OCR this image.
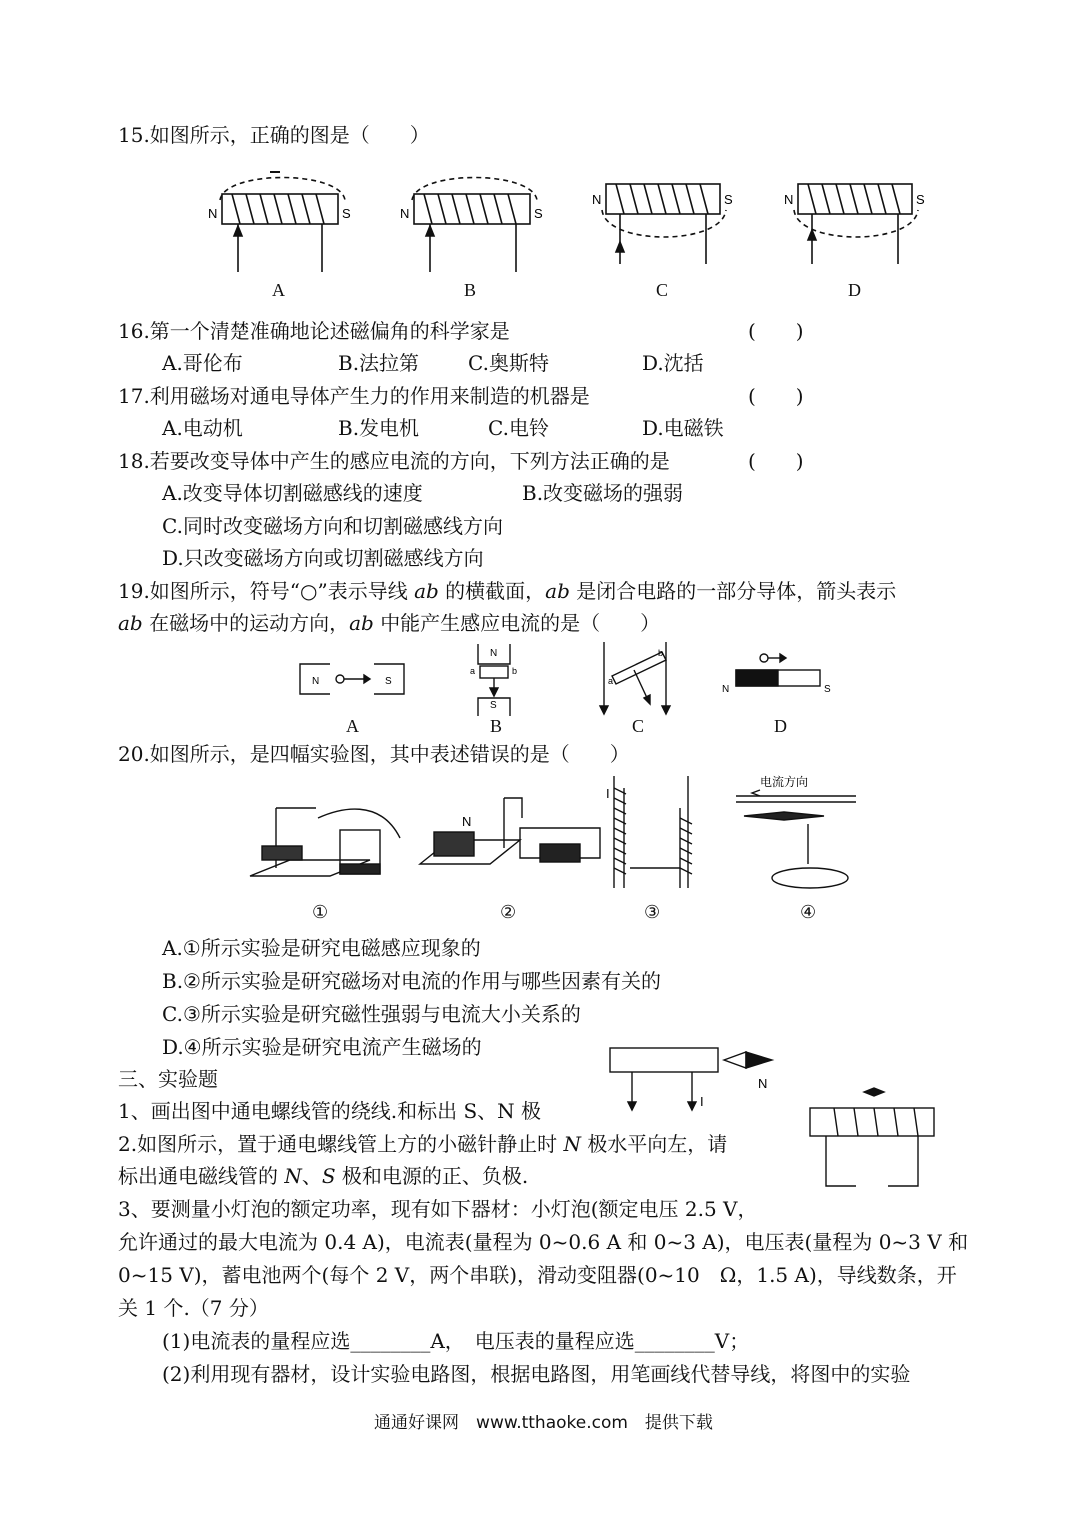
15.如图所示，正确的图是（　　）
N	S	N	S
N	S	N	S
A	B	C	D
16.第一个清楚准确地论述磁偏角的科学家是	(　　)
A.哥伦布	B.法拉第 C.奥斯特	D.沈括
17.利用磁场对通电导体产生力的作用来制造的机器是	(　　)
A.电动机	B.发电机	C.电铃	D.电磁铁
18.若要改变导体中产生的感应电流的方向，下列方法正确的是	(　　)
A.改变导体切割磁感线的速度	B.改变磁场的强弱
C.同时改变磁场方向和切割磁感线方向
D.只改变磁场方向或切割磁感线方向
19.如图所示，符号“○”表示导线 ab 的横截面，ab 是闭合电路的一部分导体，箭头表示
ab 在磁场中的运动方向，ab 中能产生感应电流的是（　　）
N	S
N
S
a	b
a
b
N	S
A	B	C	D
20.如图所示，是四幅实验图，其中表述错误的是（　　）
电流方向
I
N
①	②	③	④
A.①所示实验是研究电磁感应现象的
B.②所示实验是研究磁场对电流的作用与哪些因素有关的
C.③所示实验是研究磁性强弱与电流大小关系的
D.④所示实验是研究电流产生磁场的
三、实验题
1、画出图中通电螺线管的绕线.和标出 S、N 极
2.如图所示，置于通电螺线管上方的小磁针静止时 N 极水平向左，请
标出通电磁线管的 N、S 极和电源的正、负极.
3、要测量小灯泡的额定功率，现有如下器材：小灯泡(额定电压 2.5 V，
允许通过的最大电流为 0.4 A)，电流表(量程为 0~0.6 A 和 0~3 A)，电压表(量程为 0~3 V 和
0~15 V)，蓄电池两个(每个 2 V，两个串联)，滑动变阻器(0~10　Ω，1.5 A)，导线数条，开
关 1 个.（7 分）
(1)电流表的量程应选________A，　电压表的量程应选________V；
(2)利用现有器材，设计实验电路图，根据电路图，用笔画线代替导线，将图中的实验
N
I
通通好课网　www.tthaoke.com　提供下载
